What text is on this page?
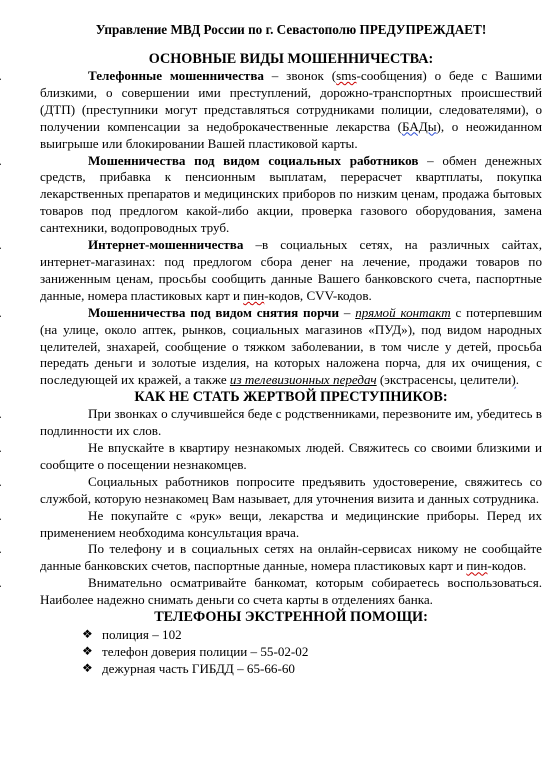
Управление МВД России по г. Севастополю ПРЕДУПРЕЖДАЕТ!

ОСНОВНЫЕ ВИДЫ МОШЕННИЧЕСТВА:

Телефонные мошенничества – звонок (sms-сообщения) о беде с Вашими близкими, о совершении ими преступлений, дорожно-транспортных происшествий (ДТП) (преступники могут представляться сотрудниками полиции, следователями), о получении компенсации за недоброкачественные лекарства (БАДы), о неожиданном выигрыше или блокировании Вашей пластиковой карты.

Мошенничества под видом социальных работников – обмен денежных средств, прибавка к пенсионным выплатам, перерасчет квартплаты, покупка лекарственных препаратов и медицинских приборов по низким ценам, продажа бытовых товаров под предлогом какой-либо акции, проверка газового оборудования, замена сантехники, водопроводных труб.

Интернет-мошенничества –в социальных сетях, на различных сайтах, интернет-магазинах: под предлогом сбора денег на лечение, продажи товаров по заниженным ценам, просьбы сообщить данные Вашего банковского счета, паспортные данные, номера пластиковых карт и пин-кодов, CVV-кодов.

Мошенничества под видом снятия порчи – прямой контакт с потерпевшим (на улице, около аптек, рынков, социальных магазинов «ПУД»), под видом народных целителей, знахарей, сообщение о тяжком заболевании, в том числе у детей, просьба передать деньги и золотые изделия, на которых наложена порча, для их очищения, с последующей их кражей, а также из телевизионных передач (экстрасенсы, целители).

КАК НЕ СТАТЬ ЖЕРТВОЙ ПРЕСТУПНИКОВ:

При звонках о случившейся беде с родственниками, перезвоните им, убедитесь в подлинности их слов.

Не впускайте в квартиру незнакомых людей. Свяжитесь со своими близкими и сообщите о посещении незнакомцев.

Социальных работников попросите предъявить удостоверение, свяжитесь со службой, которую незнакомец Вам называет, для уточнения визита и данных сотрудника.

Не покупайте с «рук» вещи, лекарства и медицинские приборы. Перед их применением необходима консультация врача.

По телефону и в социальных сетях на онлайн-сервисах никому не сообщайте данные банковских счетов, паспортные данные, номера пластиковых карт и пин-кодов.

Внимательно осматривайте банкомат, которым собираетесь воспользоваться. Наиболее надежно снимать деньги со счета карты в отделениях банка.

ТЕЛЕФОНЫ ЭКСТРЕННОЙ ПОМОЩИ:

❖ полиция – 102
❖ телефон доверия полиции – 55-02-02
❖ дежурная часть ГИБДД – 65-66-60
